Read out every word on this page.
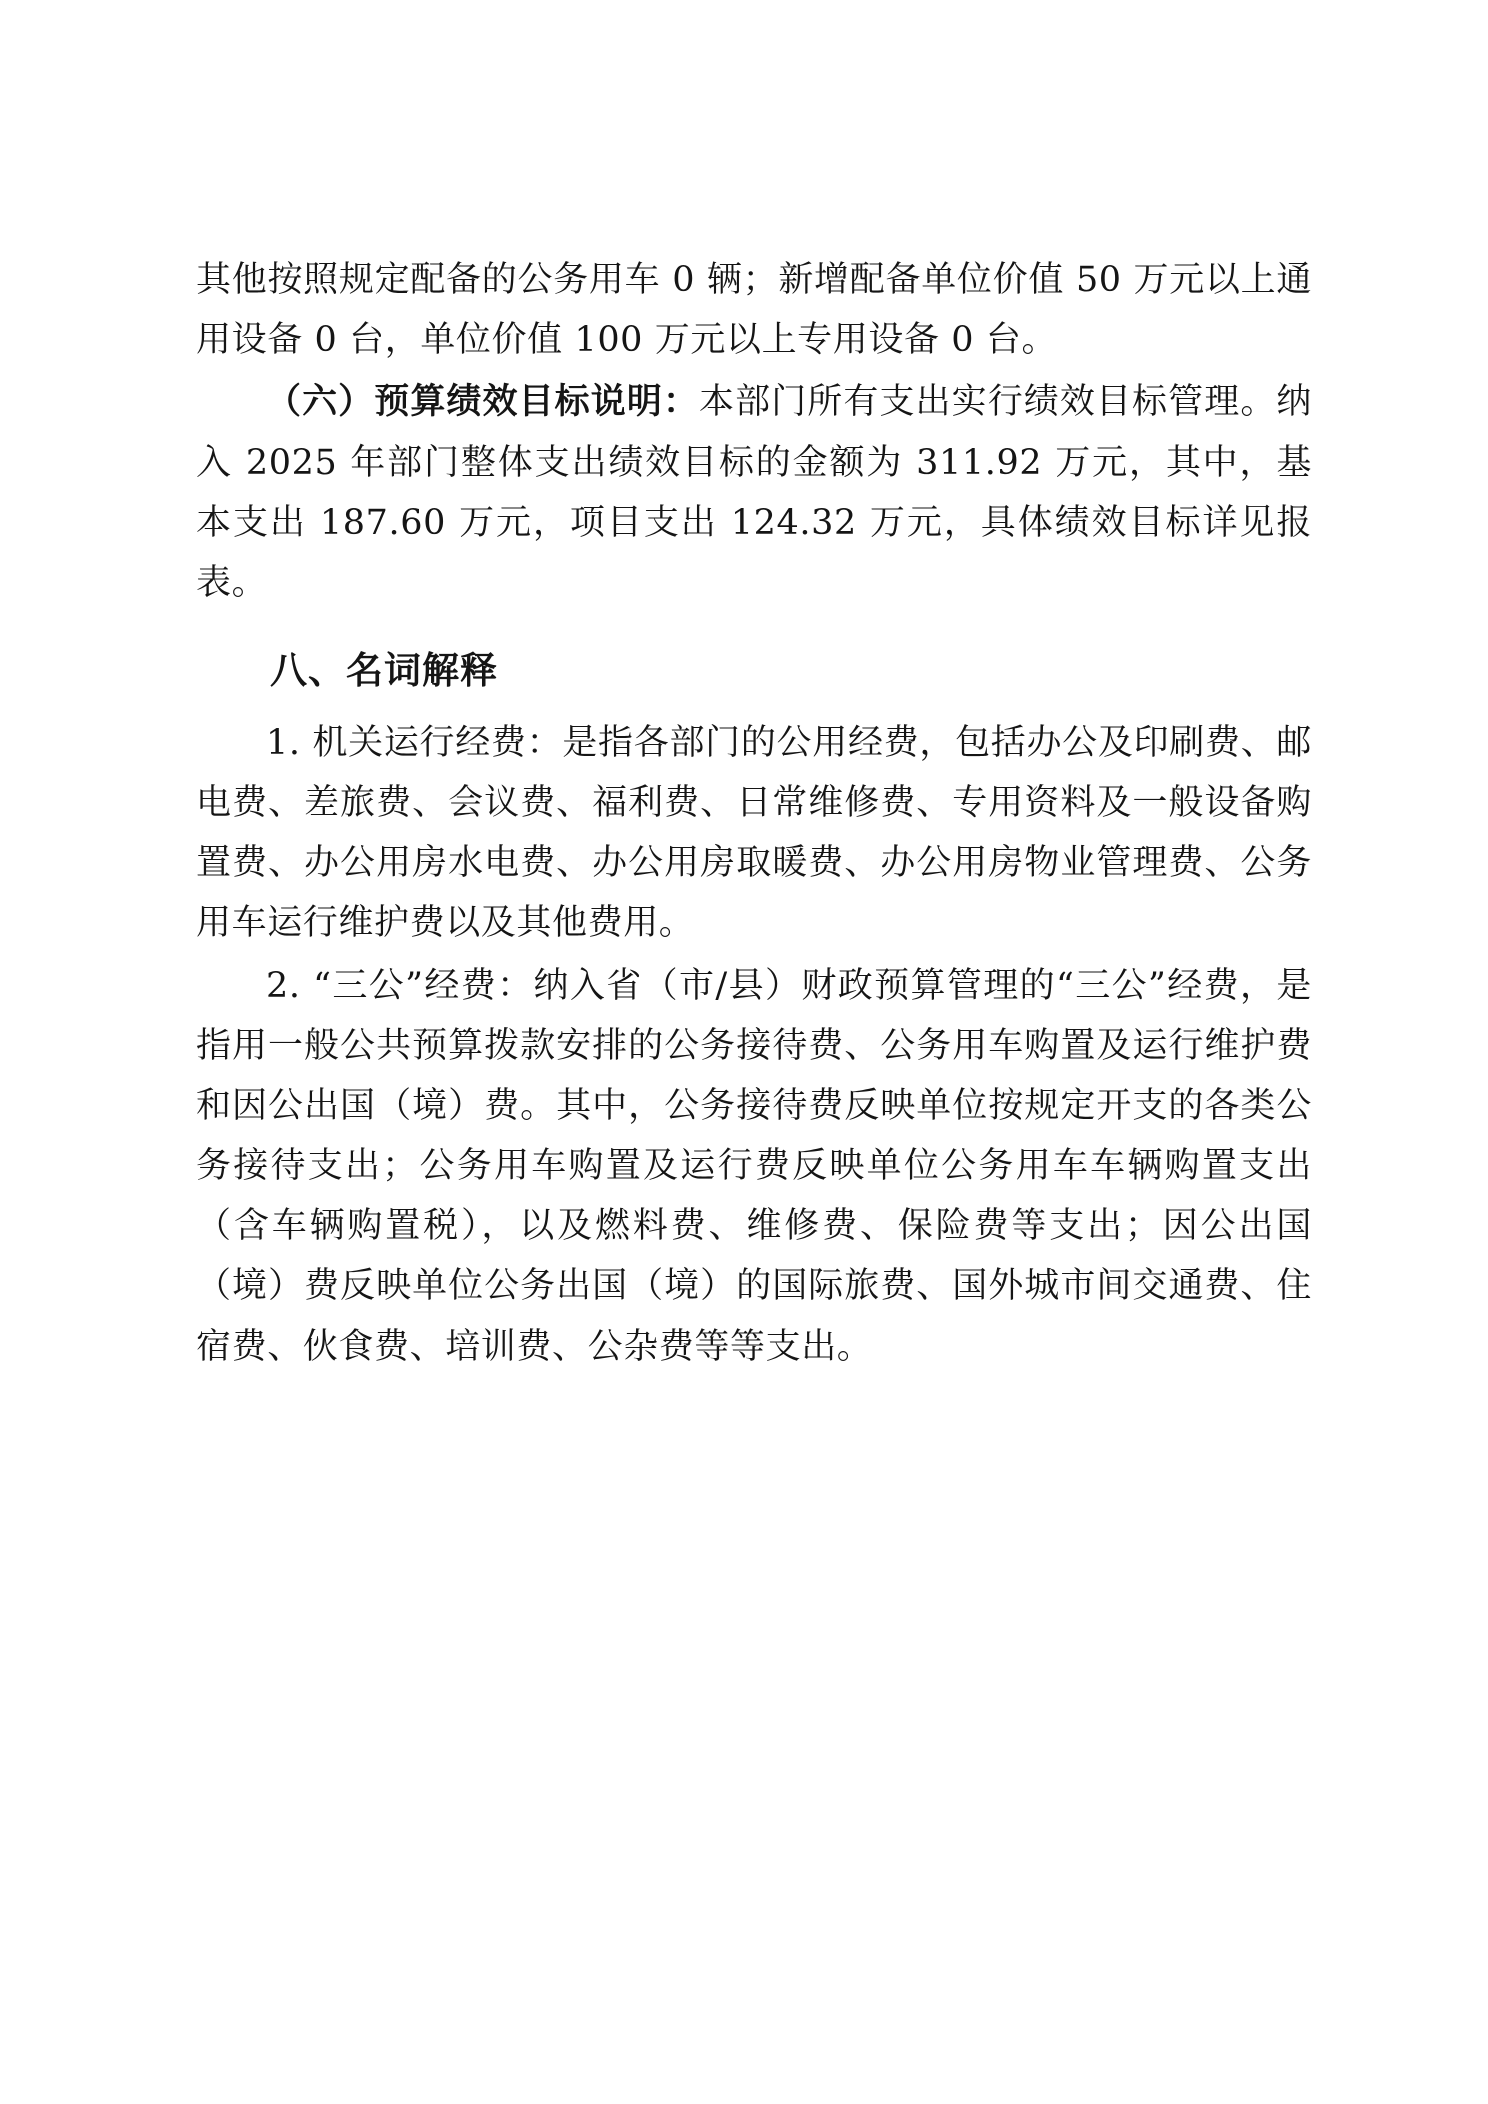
其他按照规定配备的公务用车 0 辆；新增配备单位价值 50 万元以上通用设备 0 台，单位价值 100 万元以上专用设备 0 台。

（六）预算绩效目标说明：本部门所有支出实行绩效目标管理。纳入 2025 年部门整体支出绩效目标的金额为 311.92 万元，其中，基本支出 187.60 万元，项目支出 124.32 万元，具体绩效目标详见报表。

八、名词解释

1. 机关运行经费：是指各部门的公用经费，包括办公及印刷费、邮电费、差旅费、会议费、福利费、日常维修费、专用资料及一般设备购置费、办公用房水电费、办公用房取暖费、办公用房物业管理费、公务用车运行维护费以及其他费用。

2. “三公”经费：纳入省（市/县）财政预算管理的“三公”经费，是指用一般公共预算拨款安排的公务接待费、公务用车购置及运行维护费和因公出国（境）费。其中，公务接待费反映单位按规定开支的各类公务接待支出；公务用车购置及运行费反映单位公务用车车辆购置支出（含车辆购置税），以及燃料费、维修费、保险费等支出；因公出国（境）费反映单位公务出国（境）的国际旅费、国外城市间交通费、住宿费、伙食费、培训费、公杂费等等支出。
